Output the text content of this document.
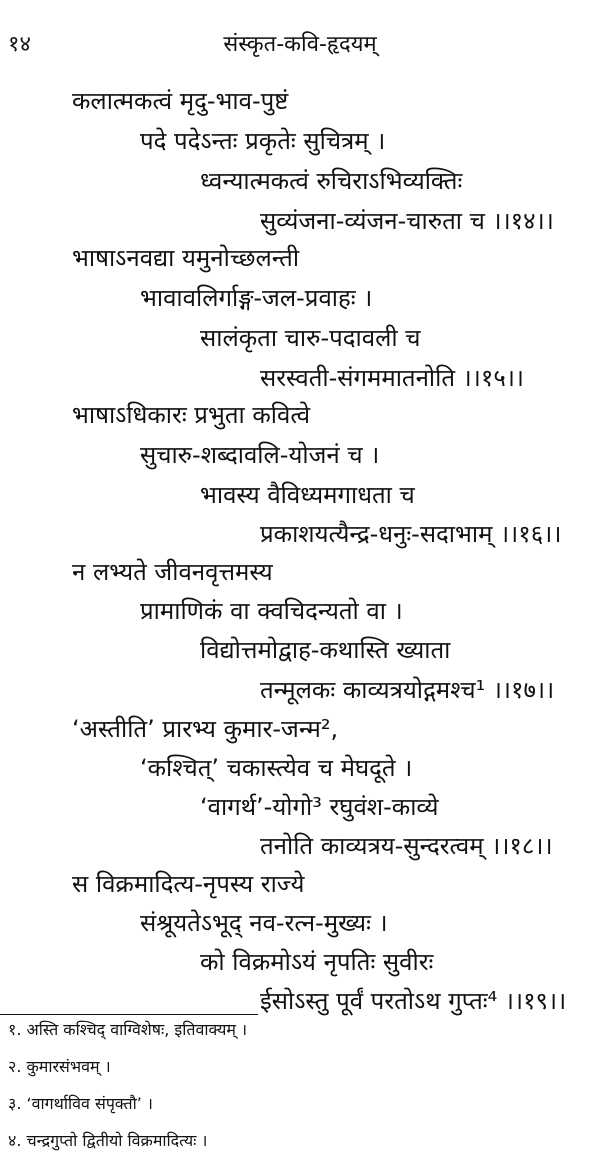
१४	संस्कृत-कवि-हृदयम्
कलात्मकत्वं मृदु-भाव-पुष्टं
पदे पदेऽन्तः प्रकृतेः सुचित्रम् ।
ध्वन्यात्मकत्वं रुचिराऽभिव्यक्तिः
सुव्यंजना-व्यंजन-चारुता च ।।१४।।
भाषाऽनवद्या यमुनोच्छलन्ती
भावावलिर्गाङ्ग-जल-प्रवाहः ।
सालंकृता चारु-पदावली च
सरस्वती-संगममातनोति ।।१५।।
भाषाऽधिकारः प्रभुता कवित्वे
सुचारु-शब्दावलि-योजनं च ।
भावस्य वैविध्यमगाधता च
प्रकाशयत्यैन्द्र-धनुः-सदाभाम् ।।१६।।
न लभ्यते जीवनवृत्तमस्य
प्रामाणिकं वा क्वचिदन्यतो वा ।
विद्योत्तमोद्वाह-कथास्ति ख्याता
तन्मूलकः काव्यत्रयोद्गमश्च¹ ।।१७।।
‘अस्तीति’ प्रारभ्य कुमार-जन्म²,
‘कश्चित्’ चकास्त्येव च मेघदूते ।
‘वागर्थ’-योगो³ रघुवंश-काव्ये
तनोति काव्यत्रय-सुन्दरत्वम् ।।१८।।
स विक्रमादित्य-नृपस्य राज्ये
संश्रूयतेऽभूद् नव-रत्न-मुख्यः ।
को विक्रमोऽयं नृपतिः सुवीरः
ईसोऽस्तु पूर्वं परतोऽथ गुप्तः⁴ ।।१९।।
१. अस्ति कश्चिद् वाग्विशेषः, इतिवाक्यम् ।
२. कुमारसंभवम् ।
३. ‘वागर्थाविव संपृक्तौ’ ।
४. चन्द्रगुप्तो द्वितीयो विक्रमादित्यः ।
